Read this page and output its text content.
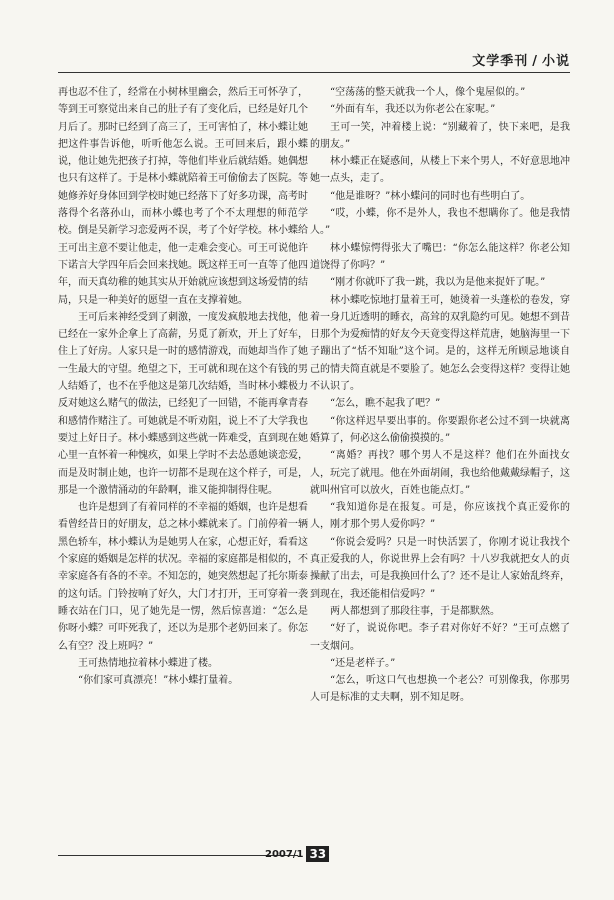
文学季刊 / 小说

再也忍不住了，经常在小树林里幽会，然后王可怀孕了，等到王可察觉出来自己的肚子有了变化后，已经是好几个月后了。那时已经到了高三了，王可害怕了，林小蝶让她把这件事告诉他，听听他怎么说。王可回来后，跟小蝶说，他让她先把孩子打掉，等他们毕业后就结婚。她偶想也只有这样了。于是林小蝶就陪着王可偷偷去了医院。等她修养好身体回到学校时她已经落下了好多功课，高考时落得个名落孙山，而林小蝶也考了个不太理想的师范学校。倒是吴新学习恋爱两不误，考了个好学校。林小蝶给王可出主意不要让他走，他一走难会变心。可王可说他许下诺言大学四年后会回来找她。既这样王可一直等了他四年，而天真幼稚的她其实从开始就应该想到这场爱情的结局，只是一种美好的愿望一直在支撑着她。

王可后来神经受到了刺激，一度发疯般地去找他，他已经在一家外企拿上了高薪，另觅了新欢，开上了好车，住上了好房。人家只是一时的感情游戏，而她却当作了她一生最大的守望。绝望之下，王可就和现在这个有钱的男人结婚了，也不在乎他这是第几次结婚，当时林小蝶极力反对她这么赌气的做法，已经犯了一回错，不能再拿青春和感情作赌注了。可她就是不听劝阻，说上不了大学我也要过上好日子。林小蝶感到这些就一阵难受，直到现在她心里一直怀着一种愧疚，如果上学时不去怂恿她谈恋爱，而是及时制止她，也许一切都不是现在这个样子，可是，那是一个激情涌动的年龄啊，谁又能抑制得住呢。

也许是想到了有着同样的不幸福的婚姻，也许是想看看曾经昔日的好朋友，总之林小蝶就来了。门前停着一辆黑色轿车，林小蝶认为是她男人在家，心想正好，看看这个家庭的婚姻是怎样的状况。幸福的家庭都是相似的，不幸家庭各有各的不幸。不知怎的，她突然想起了托尔斯泰的这句话。门铃按响了好久，大门才打开，王可穿着一袭睡衣站在门口，见了她先是一愣，然后惊喜道：“怎么是你呀小蝶？可吓死我了，还以为是那个老奶回来了。你怎么有空？没上班吗？”

王可热情地拉着林小蝶进了楼。

“你们家可真漂亮！”林小蝶打量着。

“空荡荡的整天就我一个人，像个鬼屋似的。”

“外面有车，我还以为你老公在家呢。”

王可一笑，冲着楼上说：“别藏着了，快下来吧，是我的朋友。”

林小蝶正在疑惑间，从楼上下来个男人，不好意思地冲她一点头，走了。

“他是谁呀？”林小蝶问的同时也有些明白了。

“哎，小蝶，你不是外人，我也不想瞒你了。他是我情人。”

林小蝶惊愕得张大了嘴巴：“你怎么能这样？你老公知道饶得了你吗？”

“刚才你就吓了我一跳，我以为是他来捉奸了呢。”

林小蝶吃惊地打量着王可，她烫着一头蓬松的卷发，穿着一身几近透明的睡衣，高耸的双乳隐约可见。她想不到昔日那个为爱痴情的好友今天竟变得这样荒唐，她脑海里一下子蹦出了“恬不知耻”这个词。是的，这样无所顾忌地谈自己的情夫简直就是不要脸了。她怎么会变得这样？变得让她不认识了。

“怎么，瞧不起我了吧？”

“你这样迟早要出事的。你要跟你老公过不到一块就离婚算了，何必这么偷偷摸摸的。”

“离婚？再找？哪个男人不是这样？他们在外面找女人，玩完了就甩。他在外面胡闹，我也给他戴戴绿帽子，这就叫州官可以放火，百姓也能点灯。”

“我知道你是在报复。可是，你应该找个真正爱你的人，刚才那个男人爱你吗？”

“你说会爱吗？只是一时快活罢了，你刚才说让我找个真正爱我的人，你说世界上会有吗？十八岁我就把女人的贞操献了出去，可是我换回什么了？还不是让人家始乱终弃，到现在，我还能相信爱吗？”

两人都想到了那段往事，于是都默然。

“好了，说说你吧。李子君对你好不好？”王可点燃了一支烟问。

“还是老样子。”

“怎么，听这口气也想换一个老公？可别像我，你那男人可是标准的丈夫啊，别不知足呀。

2007/1 33
